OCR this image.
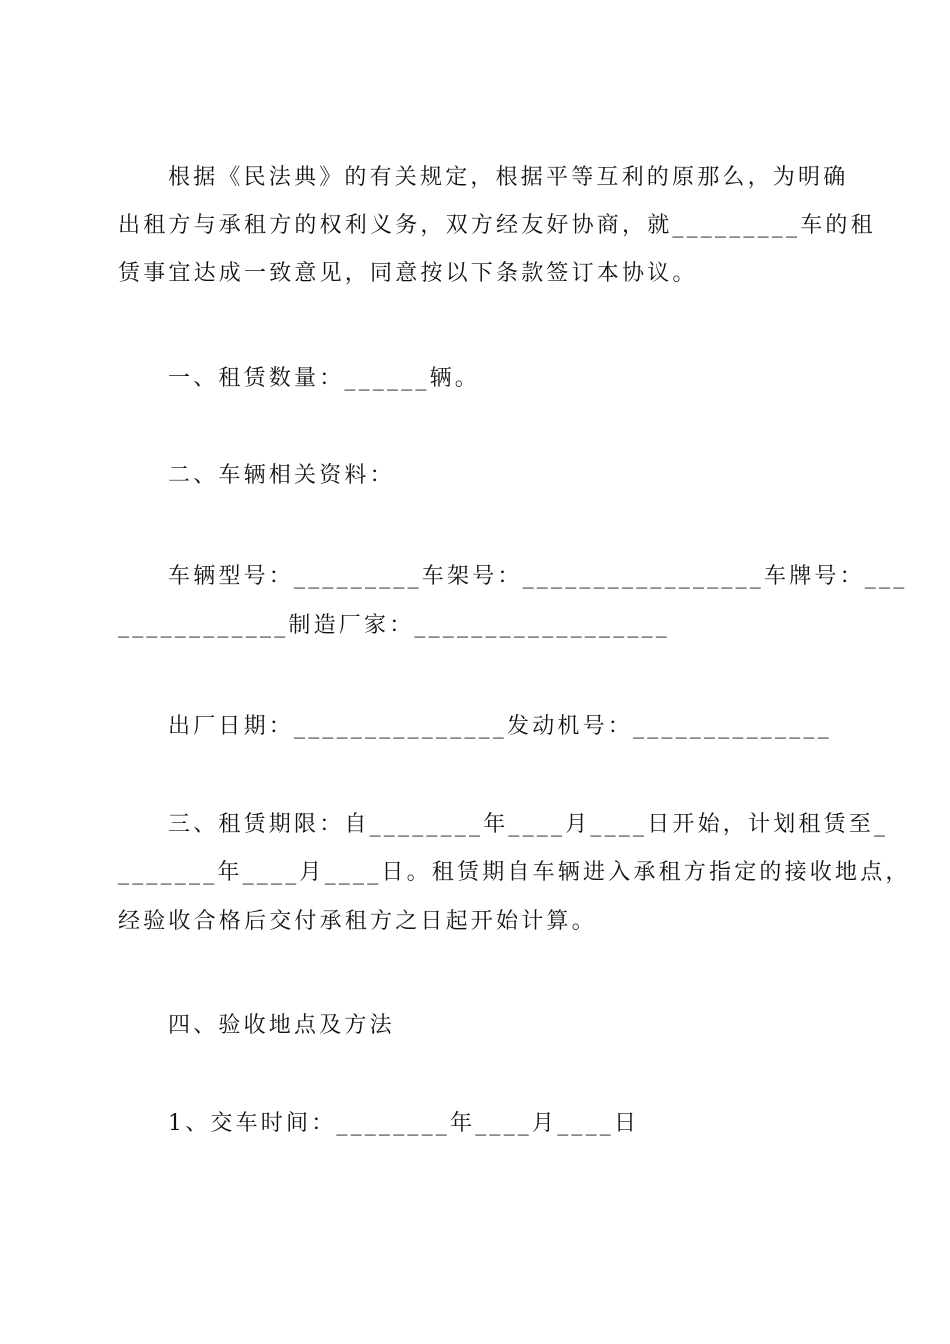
根据《民法典》的有关规定，根据平等互利的原那么，为明确
出租方与承租方的权利义务，双方经友好协商，就_________车的租
赁事宜达成一致意见，同意按以下条款签订本协议。
一、租赁数量：______辆。
二、车辆相关资料：
车辆型号：_________车架号：_________________车牌号：___
____________制造厂家：__________________
出厂日期：_______________发动机号：______________
三、租赁期限：自________年____月____日开始，计划租赁至_
_______年____月____日。租赁期自车辆进入承租方指定的接收地点，
经验收合格后交付承租方之日起开始计算。
四、验收地点及方法
1、交车时间：________年____月____日
